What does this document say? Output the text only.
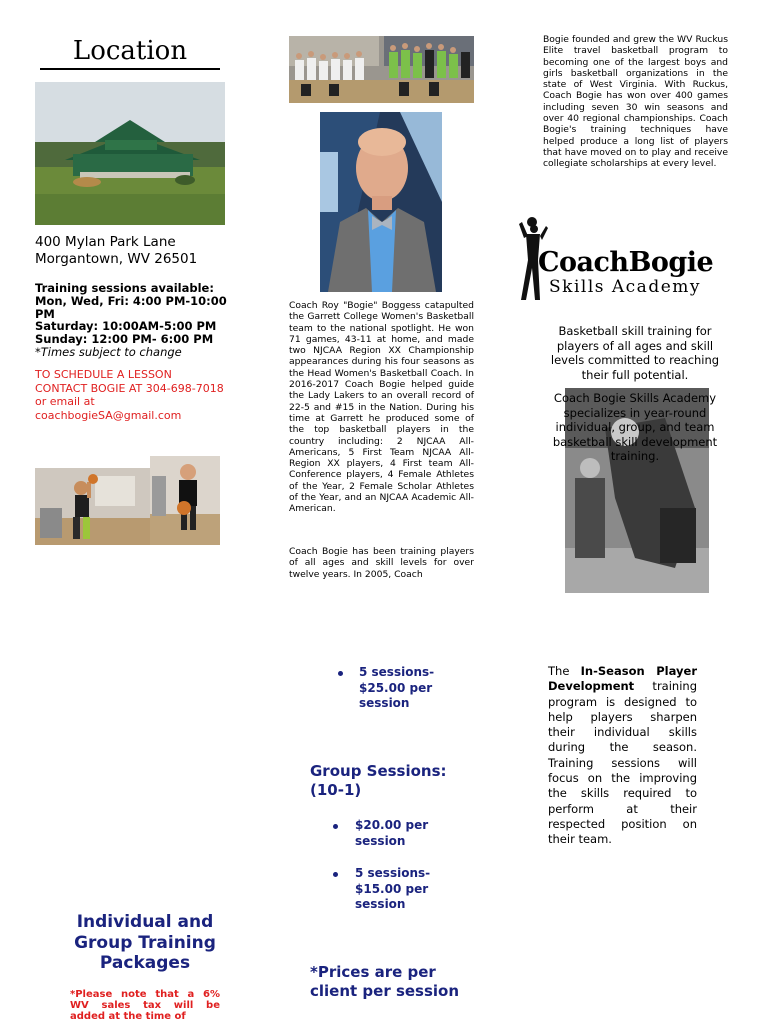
Location
400 Mylan Park Lane
Morgantown, WV 26501
Training sessions available:
Mon, Wed, Fri: 4:00 PM-10:00 PM
Saturday: 10:00AM-5:00 PM
Sunday: 12:00 PM- 6:00 PM
*Times subject to change
TO SCHEDULE A LESSON
CONTACT BOGIE AT 304-698-7018
or email at
coachbogieSA@gmail.com
Coach Roy "Bogie" Boggess catapulted the Garrett College Women's Basketball team to the national spotlight. He won 71 games, 43-11 at home, and made two NJCAA Region XX Championship appearances during his four seasons as the Head Women's Basketball Coach. In 2016-2017 Coach Bogie helped guide the Lady Lakers to an overall record of 22-5 and #15 in the Nation. During his time at Garrett he produced some of the top basketball players in the country including: 2 NJCAA All-Americans, 5 First Team NJCAA All-Region XX players, 4 First team All-Conference players, 4 Female Athletes of the Year, 2 Female Scholar Athletes of the Year, and an NJCAA Academic All-American.
Coach Bogie has been training players of all ages and skill levels for over twelve years. In 2005, Coach
Bogie founded and grew the WV Ruckus Elite travel basketball program to becoming one of the largest boys and girls basketball organizations in the state of West Virginia. With Ruckus, Coach Bogie has won over 400 games including seven 30 win seasons and over 40 regional championships. Coach Bogie's training techniques have helped produce a long list of players that have moved on to play and receive collegiate scholarships at every level.
CoachBogie
Skills Academy
Basketball skill training for players of all ages and skill levels committed to reaching their full potential.
Coach Bogie Skills Academy specializes in year-round individual, group, and team basketball skill development training.
Individual and Group Training Packages
*Please note that a 6% WV sales tax will be added at the time of
5 sessions- $25.00 per session
Group Sessions: (10-1)
$20.00 per session
5 sessions- $15.00 per session
*Prices are per client per session
The In-Season Player Development training program is designed to help players sharpen their individual skills during the season. Training sessions will focus on the improving the skills required to perform at their respected position on their team.
